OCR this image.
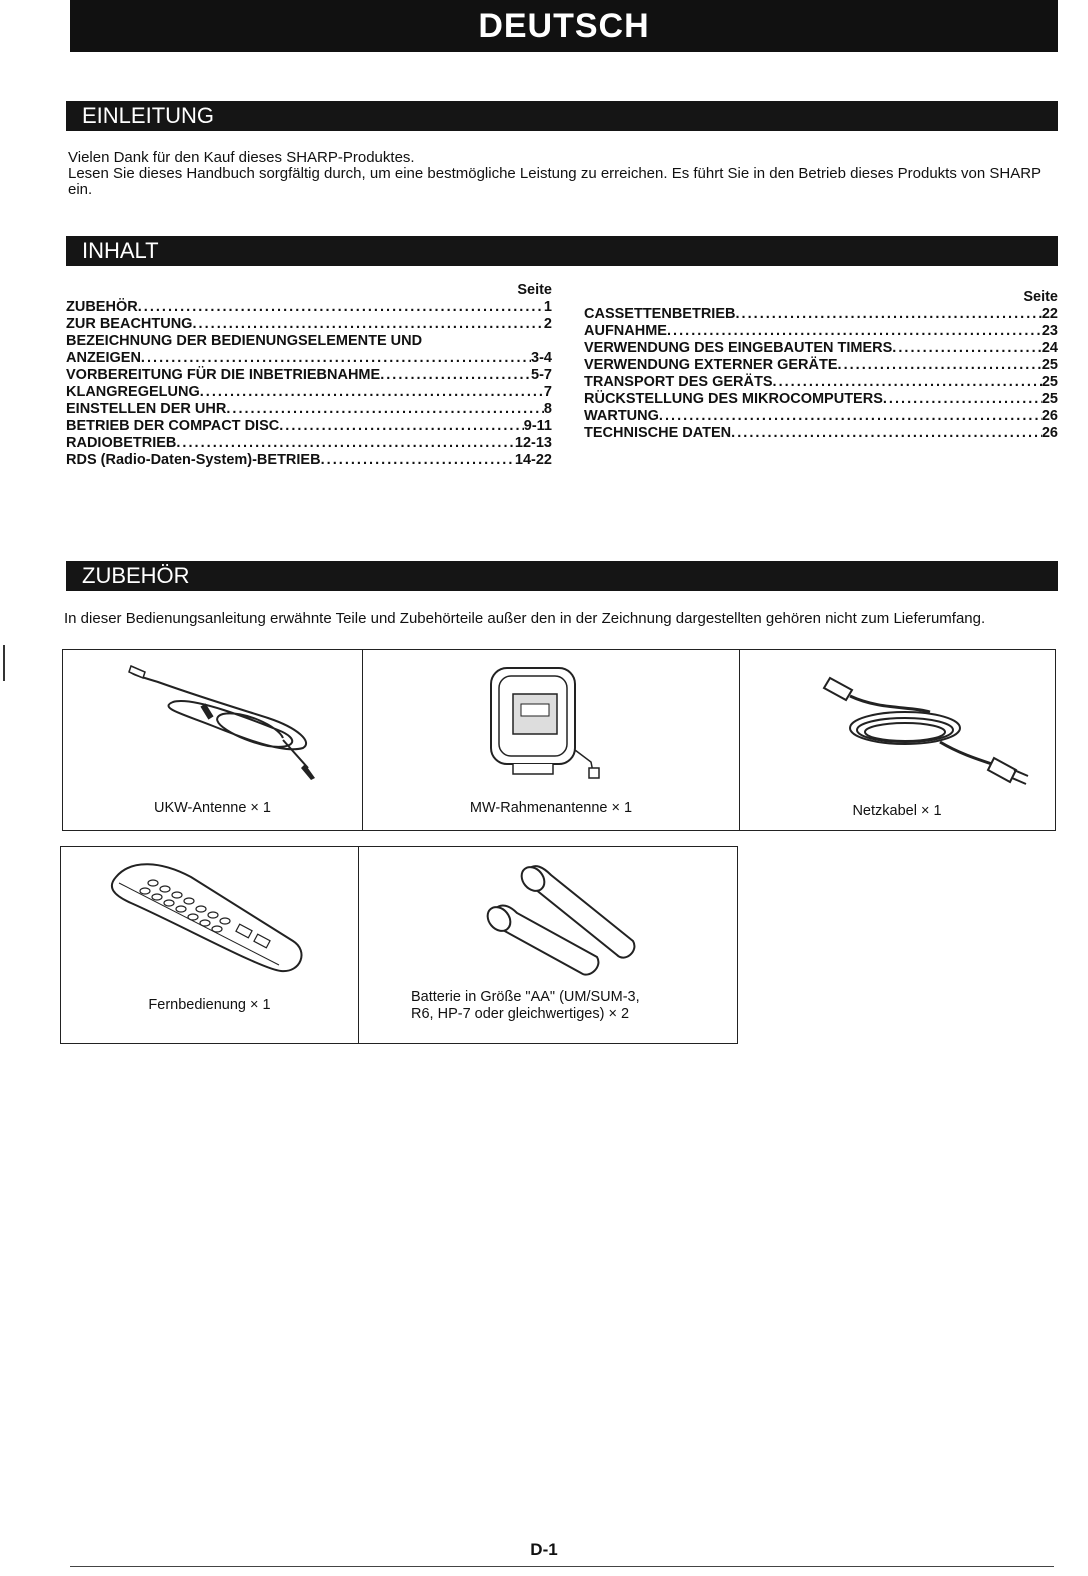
DEUTSCH
EINLEITUNG
Vielen Dank für den Kauf dieses SHARP-Produktes.
Lesen Sie dieses Handbuch sorgfältig durch, um eine bestmögliche Leistung zu erreichen. Es führt Sie in den Betrieb dieses Produkts von SHARP ein.
INHALT
Seite
ZUBEHÖR . . .	1
ZUR BEACHTUNG . . .	2
BEZEICHNUNG DER BEDIENUNGSELEMENTE UND
ANZEIGEN . . .	3-4
VORBEREITUNG FÜR DIE INBETRIEBNAHME . . .	5-7
KLANGREGELUNG . . .	7
EINSTELLEN DER UHR . . .	8
BETRIEB DER COMPACT DISC . . .	9-11
RADIOBETRIEB . . .	12-13
RDS (Radio-Daten-System)-BETRIEB . . .	14-22
Seite
CASSETTENBETRIEB . . .	22
AUFNAHME . . .	23
VERWENDUNG DES EINGEBAUTEN TIMERS . . .	24
VERWENDUNG EXTERNER GERÄTE . . .	25
TRANSPORT DES GERÄTS . . .	25
RÜCKSTELLUNG DES MIKROCOMPUTERS . . .	25
WARTUNG . . .	26
TECHNISCHE DATEN . . .	26
ZUBEHÖR
In dieser Bedienungsanleitung erwähnte Teile und Zubehörteile außer den in der Zeichnung dargestellten gehören nicht zum Lieferumfang.
UKW-Antenne × 1	MW-Rahmenantenne × 1	Netzkabel × 1
Fernbedienung × 1	Batterie in Größe "AA" (UM/SUM-3,
R6, HP-7 oder gleichwertiges) × 2
D-1
